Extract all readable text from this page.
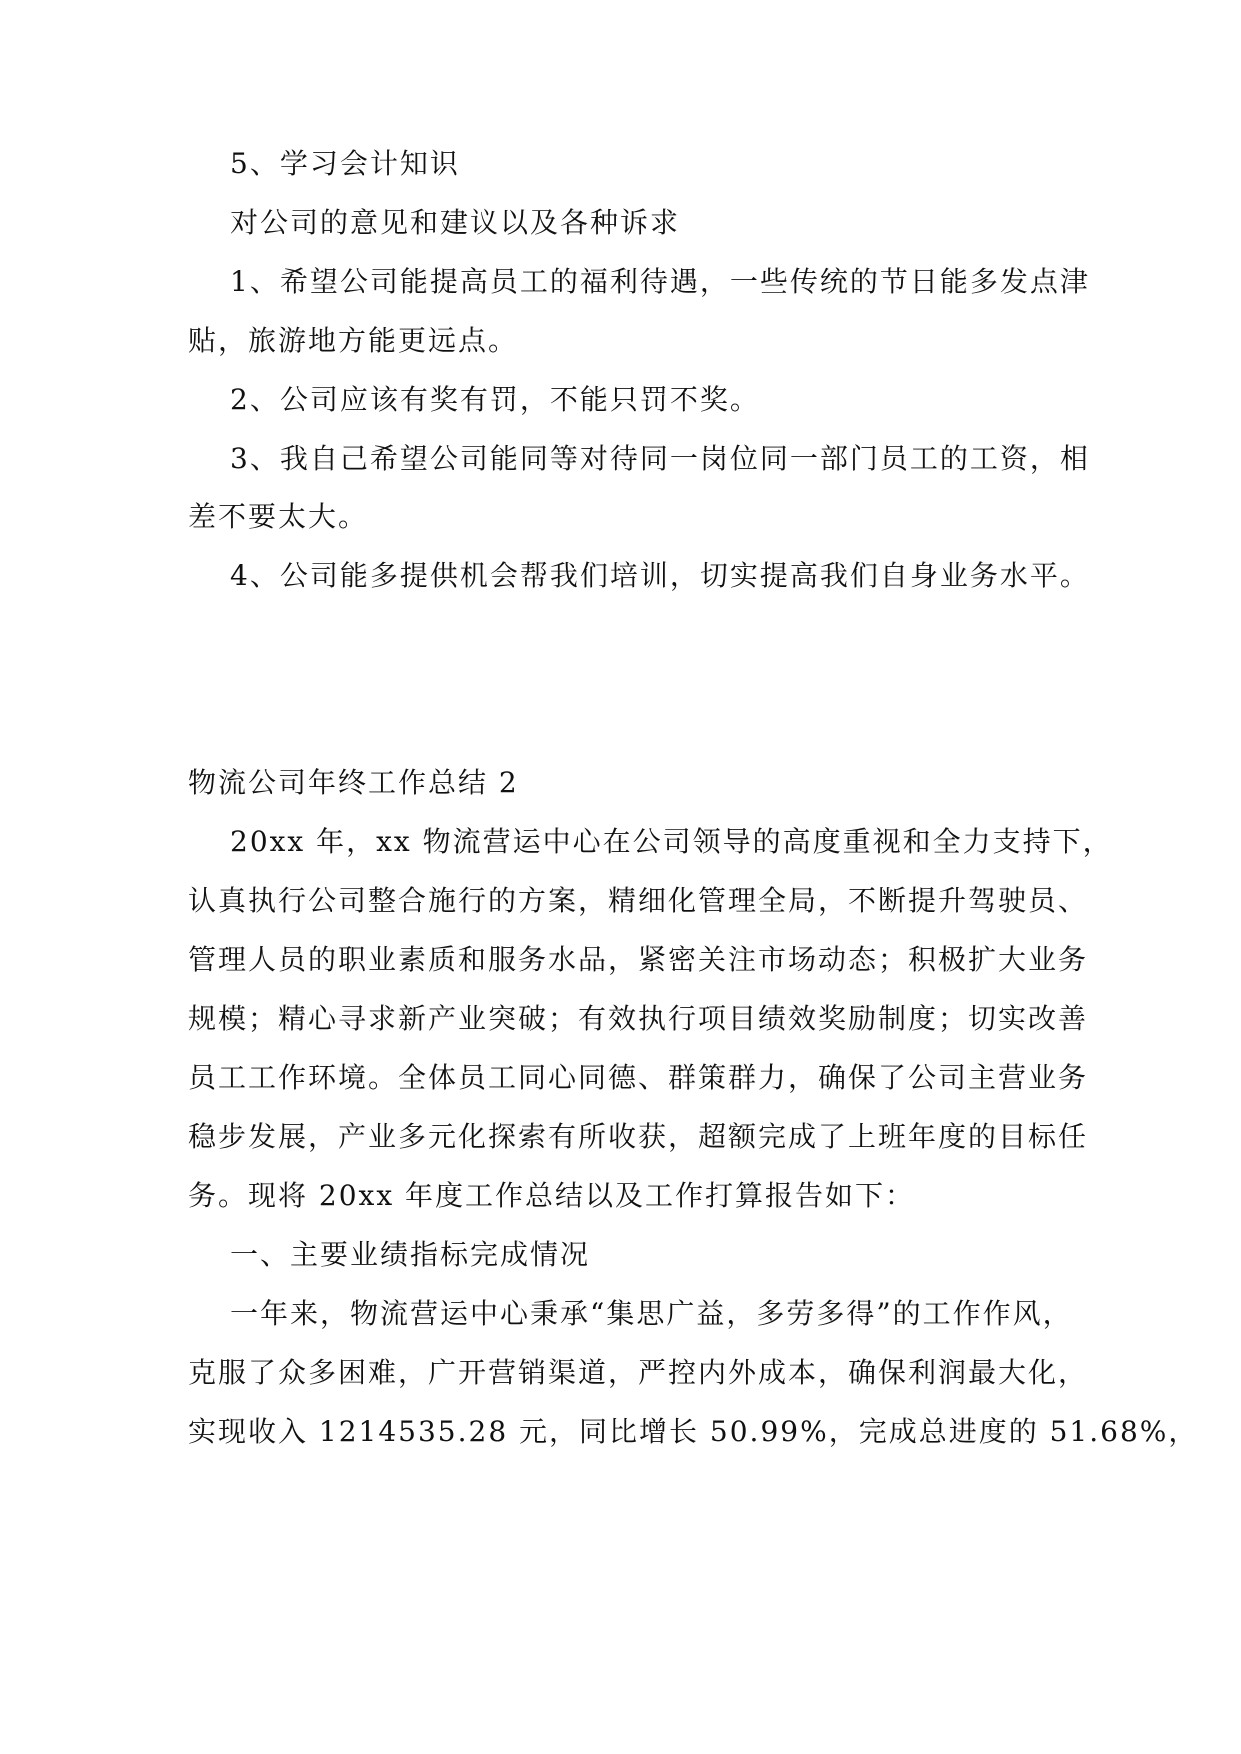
5、学习会计知识
对公司的意见和建议以及各种诉求
1、希望公司能提高员工的福利待遇，一些传统的节日能多发点津
贴，旅游地方能更远点。
2、公司应该有奖有罚，不能只罚不奖。
3、我自己希望公司能同等对待同一岗位同一部门员工的工资，相
差不要太大。
4、公司能多提供机会帮我们培训，切实提高我们自身业务水平。
物流公司年终工作总结 2
20xx 年，xx 物流营运中心在公司领导的高度重视和全力支持下，
认真执行公司整合施行的方案，精细化管理全局，不断提升驾驶员、
管理人员的职业素质和服务水品，紧密关注市场动态；积极扩大业务
规模；精心寻求新产业突破；有效执行项目绩效奖励制度；切实改善
员工工作环境。全体员工同心同德、群策群力，确保了公司主营业务
稳步发展，产业多元化探索有所收获，超额完成了上班年度的目标任
务。现将 20xx 年度工作总结以及工作打算报告如下：
一、主要业绩指标完成情况
一年来，物流营运中心秉承“集思广益，多劳多得”的工作作风，
克服了众多困难，广开营销渠道，严控内外成本，确保利润最大化，
实现收入 1214535.28 元，同比增长 50.99%，完成总进度的 51.68%，
